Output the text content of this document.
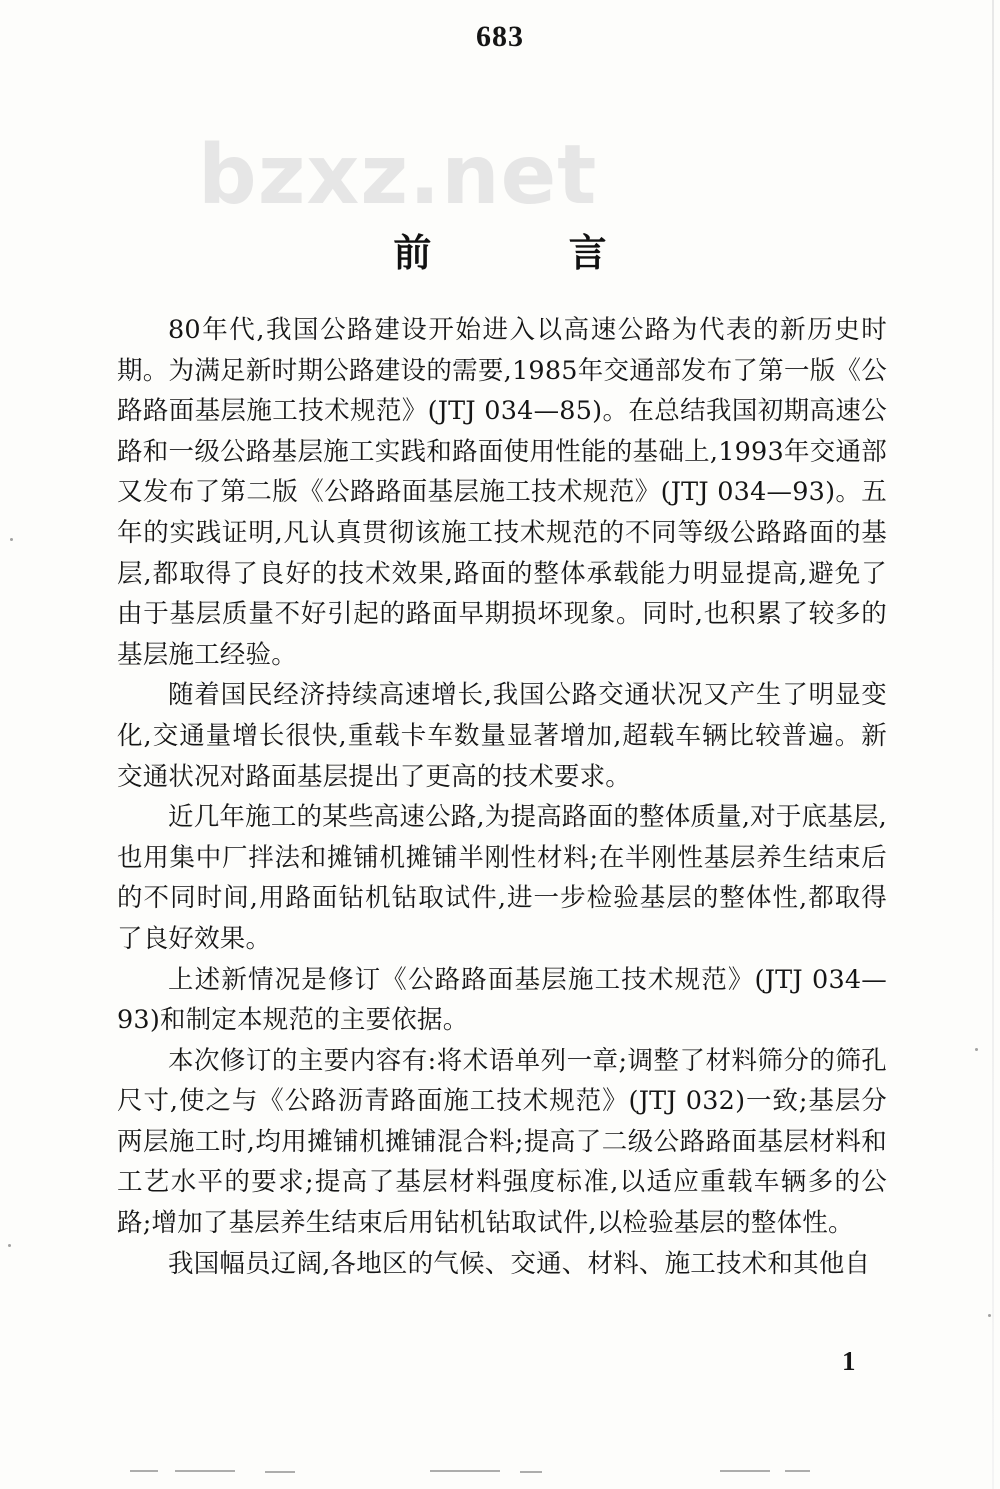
683
bzxz.net
前 言

80年代,我国公路建设开始进入以高速公路为代表的新历史时期。为满足新时期公路建设的需要,1985年交通部发布了第一版《公路路面基层施工技术规范》(JTJ 034—85)。在总结我国初期高速公路和一级公路基层施工实践和路面使用性能的基础上,1993年交通部又发布了第二版《公路路面基层施工技术规范》(JTJ 034—93)。五年的实践证明,凡认真贯彻该施工技术规范的不同等级公路路面的基层,都取得了良好的技术效果,路面的整体承载能力明显提高,避免了由于基层质量不好引起的路面早期损坏现象。同时,也积累了较多的基层施工经验。

随着国民经济持续高速增长,我国公路交通状况又产生了明显变化,交通量增长很快,重载卡车数量显著增加,超载车辆比较普遍。新交通状况对路面基层提出了更高的技术要求。

近几年施工的某些高速公路,为提高路面的整体质量,对于底基层,也用集中厂拌法和摊铺机摊铺半刚性材料;在半刚性基层养生结束后的不同时间,用路面钻机钻取试件,进一步检验基层的整体性,都取得了良好效果。

上述新情况是修订《公路路面基层施工技术规范》(JTJ 034—93)和制定本规范的主要依据。

本次修订的主要内容有:将术语单列一章;调整了材料筛分的筛孔尺寸,使之与《公路沥青路面施工技术规范》(JTJ 032)一致;基层分两层施工时,均用摊铺机摊铺混合料;提高了二级公路路面基层材料和工艺水平的要求;提高了基层材料强度标准,以适应重载车辆多的公路;增加了基层养生结束后用钻机钻取试件,以检验基层的整体性。

我国幅员辽阔,各地区的气候、交通、材料、施工技术和其他自

1
